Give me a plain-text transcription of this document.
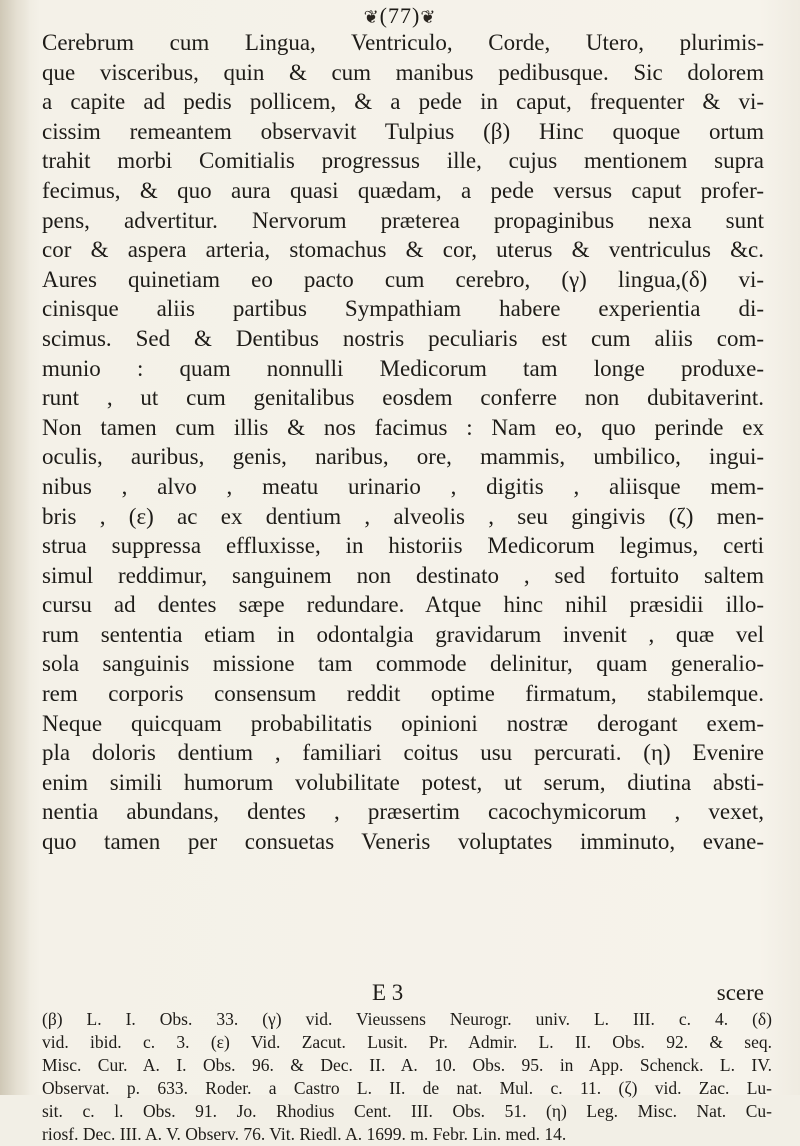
❦(77)❦
Cerebrum cum Lingua, Ventriculo, Corde, Utero, plurimis-
que visceribus, quin & cum manibus pedibusque. Sic dolorem
a capite ad pedis pollicem, & a pede in caput, frequenter & vi-
cissim remeantem observavit Tulpius (β) Hinc quoque ortum
trahit morbi Comitialis progressus ille, cujus mentionem supra
fecimus, & quo aura quasi quædam, a pede versus caput profer-
pens, advertitur. Nervorum præterea propaginibus nexa sunt
cor & aspera arteria, stomachus & cor, uterus & ventriculus &c.
Aures quinetiam eo pacto cum cerebro, (γ) lingua,(δ) vi-
cinisque aliis partibus Sympathiam habere experientia di-
scimus. Sed & Dentibus nostris peculiaris est cum aliis com-
munio : quam nonnulli Medicorum tam longe produxe-
runt , ut cum genitalibus eosdem conferre non dubitaverint.
Non tamen cum illis & nos facimus : Nam eo, quo perinde ex
oculis, auribus, genis, naribus, ore, mammis, umbilico, ingui-
nibus , alvo , meatu urinario , digitis , aliisque mem-
bris , (ε) ac ex dentium , alveolis , seu gingivis (ζ) men-
strua suppressa effluxisse, in historiis Medicorum legimus, certi
simul reddimur, sanguinem non destinato , sed fortuito saltem
cursu ad dentes sæpe redundare. Atque hinc nihil præsidii illo-
rum sententia etiam in odontalgia gravidarum invenit , quæ vel
sola sanguinis missione tam commode delinitur, quam generalio-
rem corporis consensum reddit optime firmatum, stabilemque.
Neque quicquam probabilitatis opinioni nostræ derogant exem-
pla doloris dentium , familiari coitus usu percurati. (η) Evenire
enim simili humorum volubilitate potest, ut serum, diutina absti-
nentia abundans, dentes , præsertim cacochymicorum , vexet,
quo tamen per consuetas Veneris voluptates imminuto, evane-
E 3	scere
(β) L. I. Obs. 33. (γ) vid. Vieussens Neurogr. univ. L. III. c. 4. (δ)
vid. ibid. c. 3. (ε) Vid. Zacut. Lusit. Pr. Admir. L. II. Obs. 92. & seq.
Misc. Cur. A. I. Obs. 96. & Dec. II. A. 10. Obs. 95. in App. Schenck. L. IV.
Observat. p. 633. Roder. a Castro L. II. de nat. Mul. c. 11. (ζ) vid. Zac. Lu-
sit. c. l. Obs. 91. Jo. Rhodius Cent. III. Obs. 51. (η) Leg. Misc. Nat. Cu-
riosf. Dec. III. A. V. Observ. 76. Vit. Riedl. A. 1699. m. Febr. Lin. med. 14.
